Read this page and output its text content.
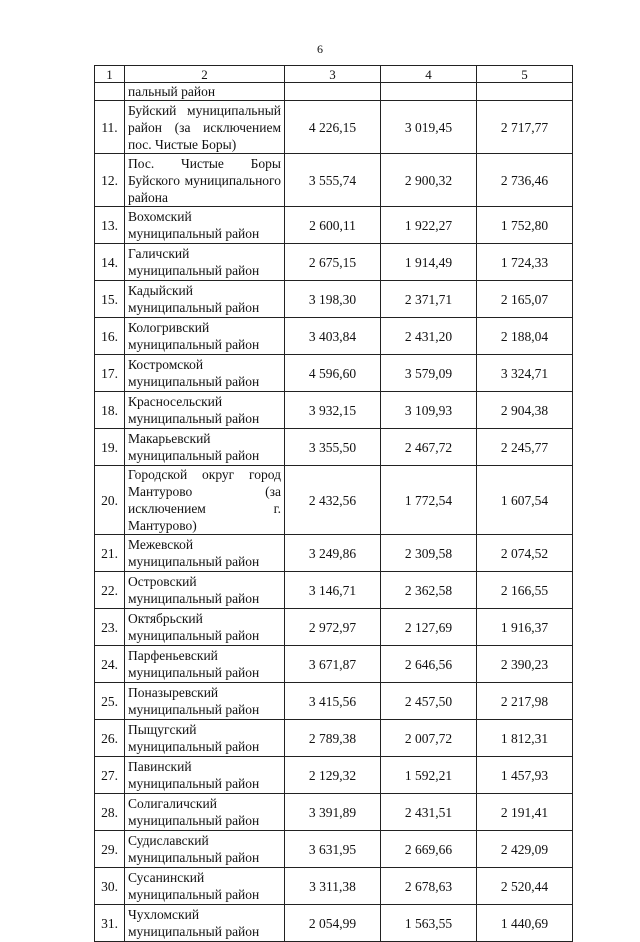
6
1	2	3	4	5
	пальный район			
11.	Буйский муниципальный район (за исключением пос. Чистые Боры)	4 226,15	3 019,45	2 717,77
12.	Пос. Чистые Боры Буйского муниципального района	3 555,74	2 900,32	2 736,46
13.	Вохомский муниципальный район	2 600,11	1 922,27	1 752,80
14.	Галичский муниципальный район	2 675,15	1 914,49	1 724,33
15.	Кадыйский муниципальный район	3 198,30	2 371,71	2 165,07
16.	Кологривский муниципальный район	3 403,84	2 431,20	2 188,04
17.	Костромской муниципальный район	4 596,60	3 579,09	3 324,71
18.	Красносельский муниципальный район	3 932,15	3 109,93	2 904,38
19.	Макарьевский муниципальный район	3 355,50	2 467,72	2 245,77
20.	Городской округ город Мантурово (за исключением г. Мантурово)	2 432,56	1 772,54	1 607,54
21.	Межевской муниципальный район	3 249,86	2 309,58	2 074,52
22.	Островский муниципальный район	3 146,71	2 362,58	2 166,55
23.	Октябрьский муниципальный район	2 972,97	2 127,69	1 916,37
24.	Парфеньевский муниципальный район	3 671,87	2 646,56	2 390,23
25.	Поназыревский муниципальный район	3 415,56	2 457,50	2 217,98
26.	Пыщугский муниципальный район	2 789,38	2 007,72	1 812,31
27.	Павинский муниципальный район	2 129,32	1 592,21	1 457,93
28.	Солигаличский муниципальный район	3 391,89	2 431,51	2 191,41
29.	Судиславский муниципальный район	3 631,95	2 669,66	2 429,09
30.	Сусанинский муниципальный район	3 311,38	2 678,63	2 520,44
31.	Чухломский муниципальный район	2 054,99	1 563,55	1 440,69
